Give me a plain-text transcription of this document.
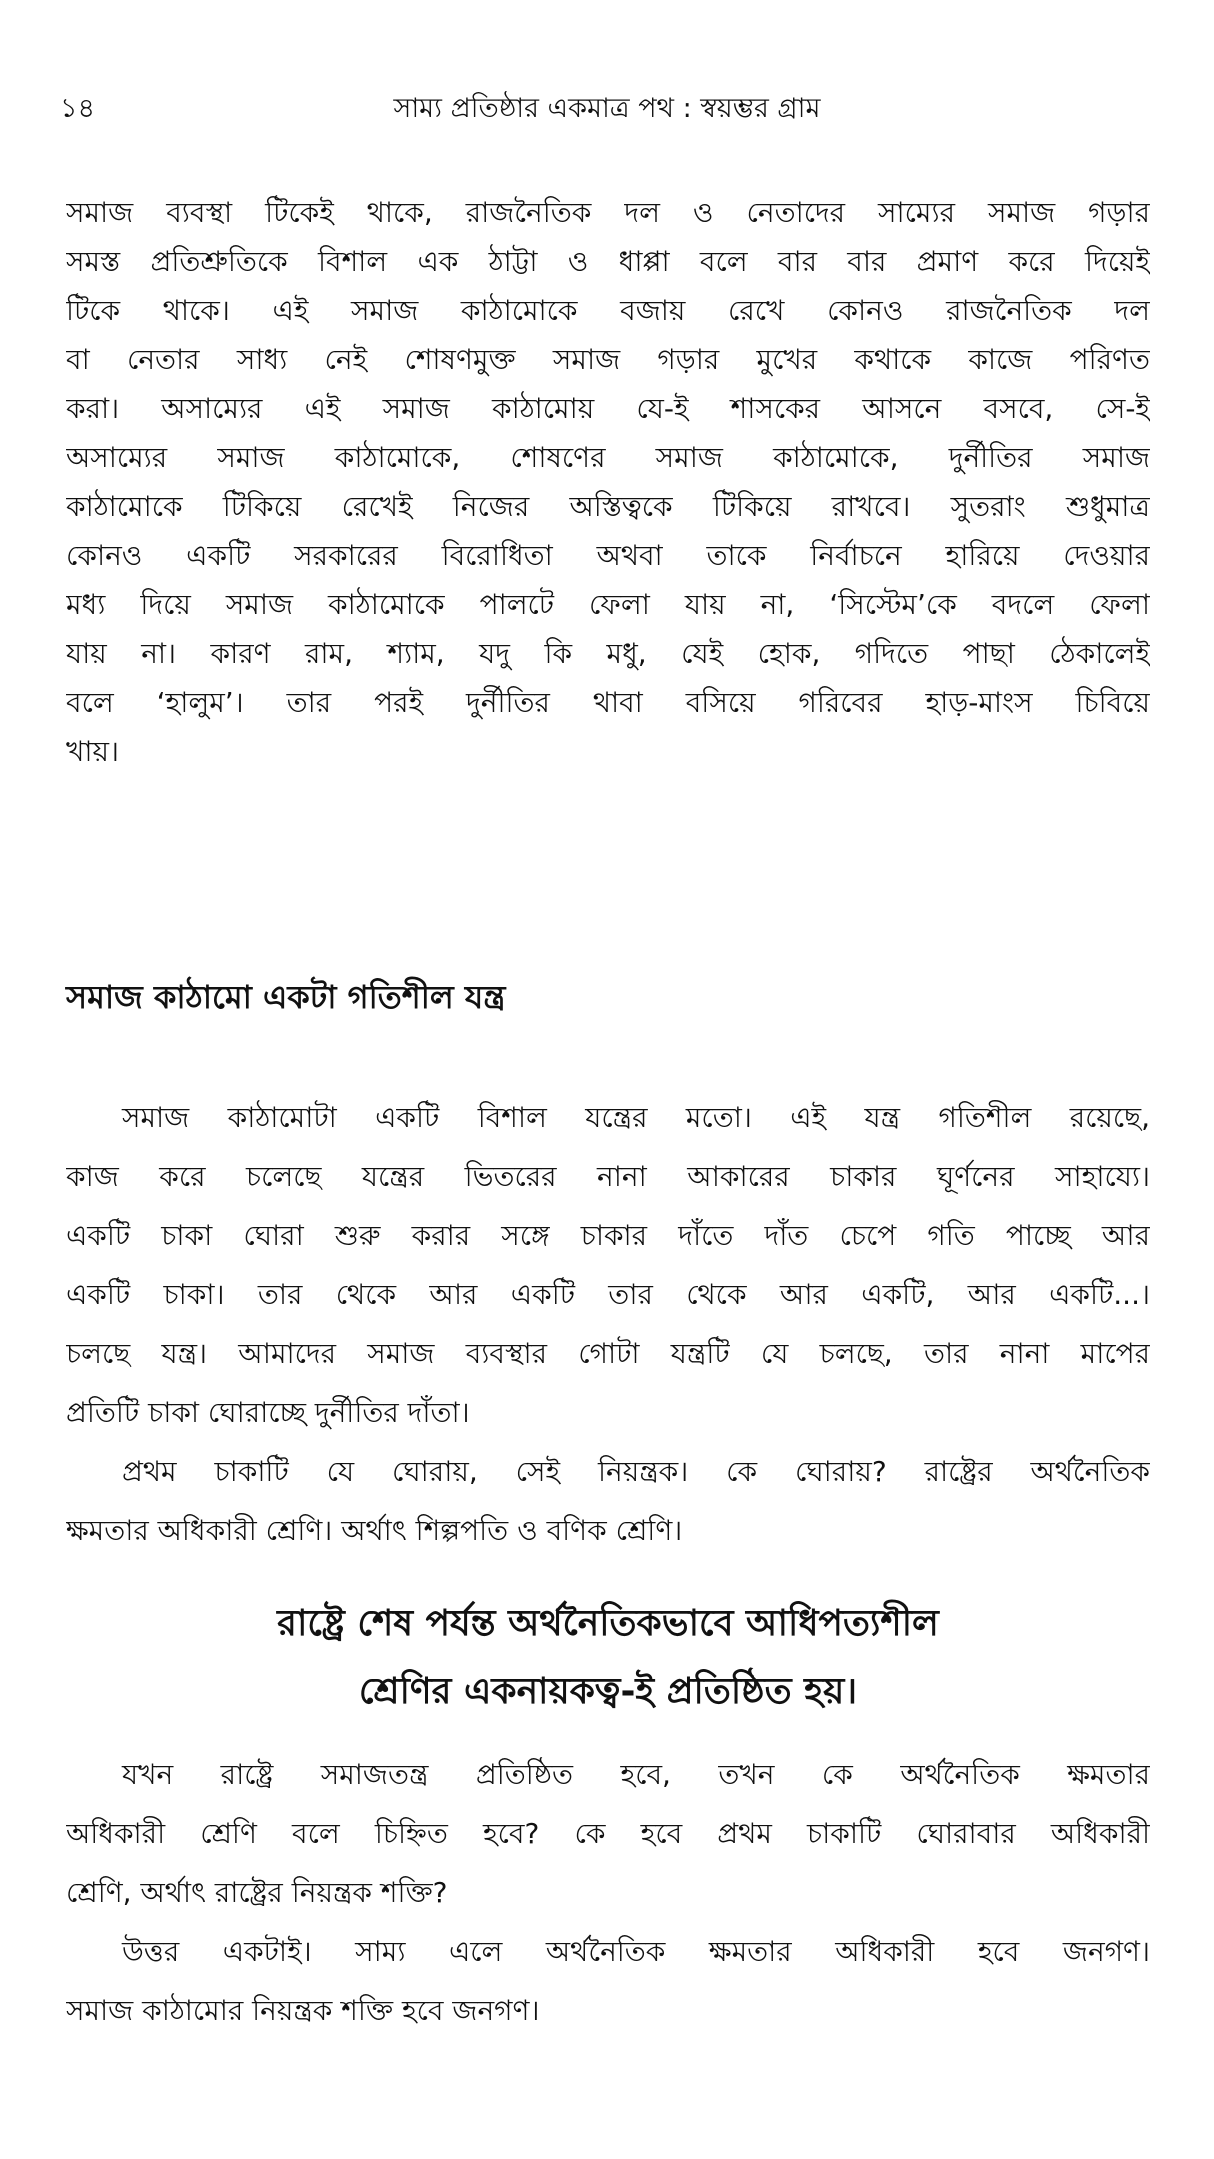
১৪	সাম্য প্রতিষ্ঠার একমাত্র পথ : স্বয়ম্ভর গ্রাম
সমাজ ব্যবস্থা টিকেই থাকে, রাজনৈতিক দল ও নেতাদের সাম্যের সমাজ গড়ার
সমস্ত প্রতিশ্রুতিকে বিশাল এক ঠাট্টা ও ধাপ্পা বলে বার বার প্রমাণ করে দিয়েই
টিকে থাকে। এই সমাজ কাঠামোকে বজায় রেখে কোনও রাজনৈতিক দল
বা নেতার সাধ্য নেই শোষণমুক্ত সমাজ গড়ার মুখের কথাকে কাজে পরিণত
করা। অসাম্যের এই সমাজ কাঠামোয় যে-ই শাসকের আসনে বসবে, সে-ই
অসাম্যের সমাজ কাঠামোকে, শোষণের সমাজ কাঠামোকে, দুর্নীতির সমাজ
কাঠামোকে টিকিয়ে রেখেই নিজের অস্তিত্বকে টিকিয়ে রাখবে। সুতরাং শুধুমাত্র
কোনও একটি সরকারের বিরোধিতা অথবা তাকে নির্বাচনে হারিয়ে দেওয়ার
মধ্য দিয়ে সমাজ কাঠামোকে পালটে ফেলা যায় না, ‘সিস্টেম’কে বদলে ফেলা
যায় না। কারণ রাম, শ্যাম, যদু কি মধু, যেই হোক, গদিতে পাছা ঠেকালেই
বলে ‘হালুম’। তার পরই দুর্নীতির থাবা বসিয়ে গরিবের হাড়-মাংস চিবিয়ে
খায়।
সমাজ কাঠামো একটা গতিশীল যন্ত্র
সমাজ কাঠামোটা একটি বিশাল যন্ত্রের মতো। এই যন্ত্র গতিশীল রয়েছে,
কাজ করে চলেছে যন্ত্রের ভিতরের নানা আকারের চাকার ঘূর্ণনের সাহায্যে।
একটি চাকা ঘোরা শুরু করার সঙ্গে চাকার দাঁতে দাঁত চেপে গতি পাচ্ছে আর
একটি চাকা। তার থেকে আর একটি তার থেকে আর একটি, আর একটি...।
চলছে যন্ত্র। আমাদের সমাজ ব্যবস্থার গোটা যন্ত্রটি যে চলছে, তার নানা মাপের
প্রতিটি চাকা ঘোরাচ্ছে দুর্নীতির দাঁতা।
প্রথম চাকাটি যে ঘোরায়, সেই নিয়ন্ত্রক। কে ঘোরায়? রাষ্ট্রের অর্থনৈতিক
ক্ষমতার অধিকারী শ্রেণি। অর্থাৎ শিল্পপতি ও বণিক শ্রেণি।
রাষ্ট্রে শেষ পর্যন্ত অর্থনৈতিকভাবে আধিপত্যশীল
শ্রেণির একনায়কত্ব-ই প্রতিষ্ঠিত হয়।
যখন রাষ্ট্রে সমাজতন্ত্র প্রতিষ্ঠিত হবে, তখন কে অর্থনৈতিক ক্ষমতার
অধিকারী শ্রেণি বলে চিহ্নিত হবে? কে হবে প্রথম চাকাটি ঘোরাবার অধিকারী
শ্রেণি, অর্থাৎ রাষ্ট্রের নিয়ন্ত্রক শক্তি?
উত্তর একটাই। সাম্য এলে অর্থনৈতিক ক্ষমতার অধিকারী হবে জনগণ।
সমাজ কাঠামোর নিয়ন্ত্রক শক্তি হবে জনগণ।
